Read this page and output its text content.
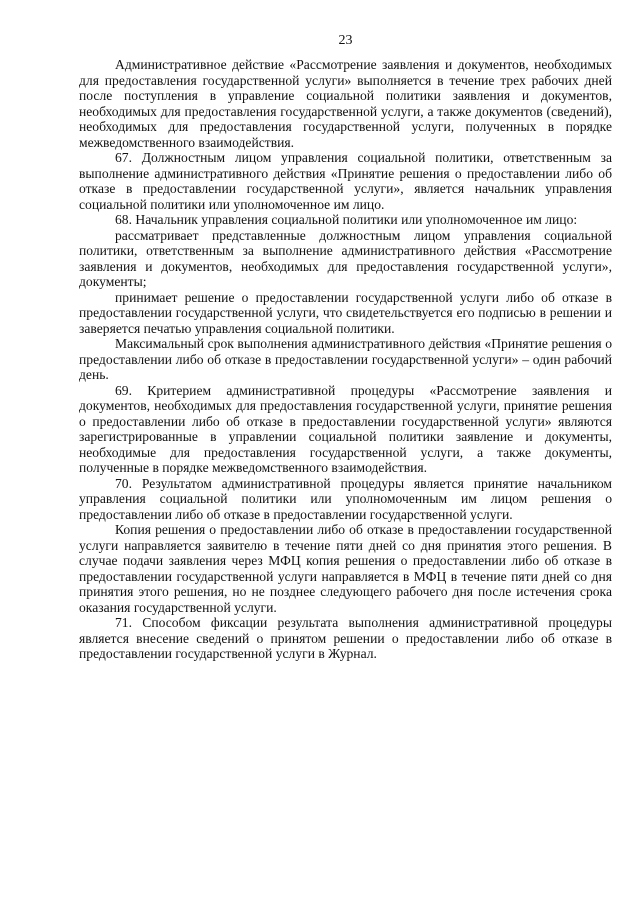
23

Административное действие «Рассмотрение заявления и документов, необходимых для предоставления государственной услуги» выполняется в течение трех рабочих дней после поступления в управление социальной политики заявления и документов, необходимых для предоставления государственной услуги, а также документов (сведений), необходимых для предоставления государственной услуги, полученных в порядке межведомственного взаимодействия.

67. Должностным лицом управления социальной политики, ответственным за выполнение административного действия «Принятие решения о предоставлении либо об отказе в предоставлении государственной услуги», является начальник управления социальной политики или уполномоченное им лицо.

68. Начальник управления социальной политики или уполномоченное им лицо:

рассматривает представленные должностным лицом управления социальной политики, ответственным за выполнение административного действия «Рассмотрение заявления и документов, необходимых для предоставления государственной услуги», документы;

принимает решение о предоставлении государственной услуги либо об отказе в предоставлении государственной услуги, что свидетельствуется его подписью в решении и заверяется печатью управления социальной политики.

Максимальный срок выполнения административного действия «Принятие решения о предоставлении либо об отказе в предоставлении государственной услуги» – один рабочий день.

69. Критерием административной процедуры «Рассмотрение заявления и документов, необходимых для предоставления государственной услуги, принятие решения о предоставлении либо об отказе в предоставлении государственной услуги» являются зарегистрированные в управлении социальной политики заявление и документы, необходимые для предоставления государственной услуги, а также документы, полученные в порядке межведомственного взаимодействия.

70. Результатом административной процедуры является принятие начальником управления социальной политики или уполномоченным им лицом решения о предоставлении либо об отказе в предоставлении государственной услуги.

Копия решения о предоставлении либо об отказе в предоставлении государственной услуги направляется заявителю в течение пяти дней со дня принятия этого решения. В случае подачи заявления через МФЦ копия решения о предоставлении либо об отказе в предоставлении государственной услуги направляется в МФЦ в течение пяти дней со дня принятия этого решения, но не позднее следующего рабочего дня после истечения срока оказания государственной услуги.

71. Способом фиксации результата выполнения административной процедуры является внесение сведений о принятом решении о предоставлении либо об отказе в предоставлении государственной услуги в Журнал.
